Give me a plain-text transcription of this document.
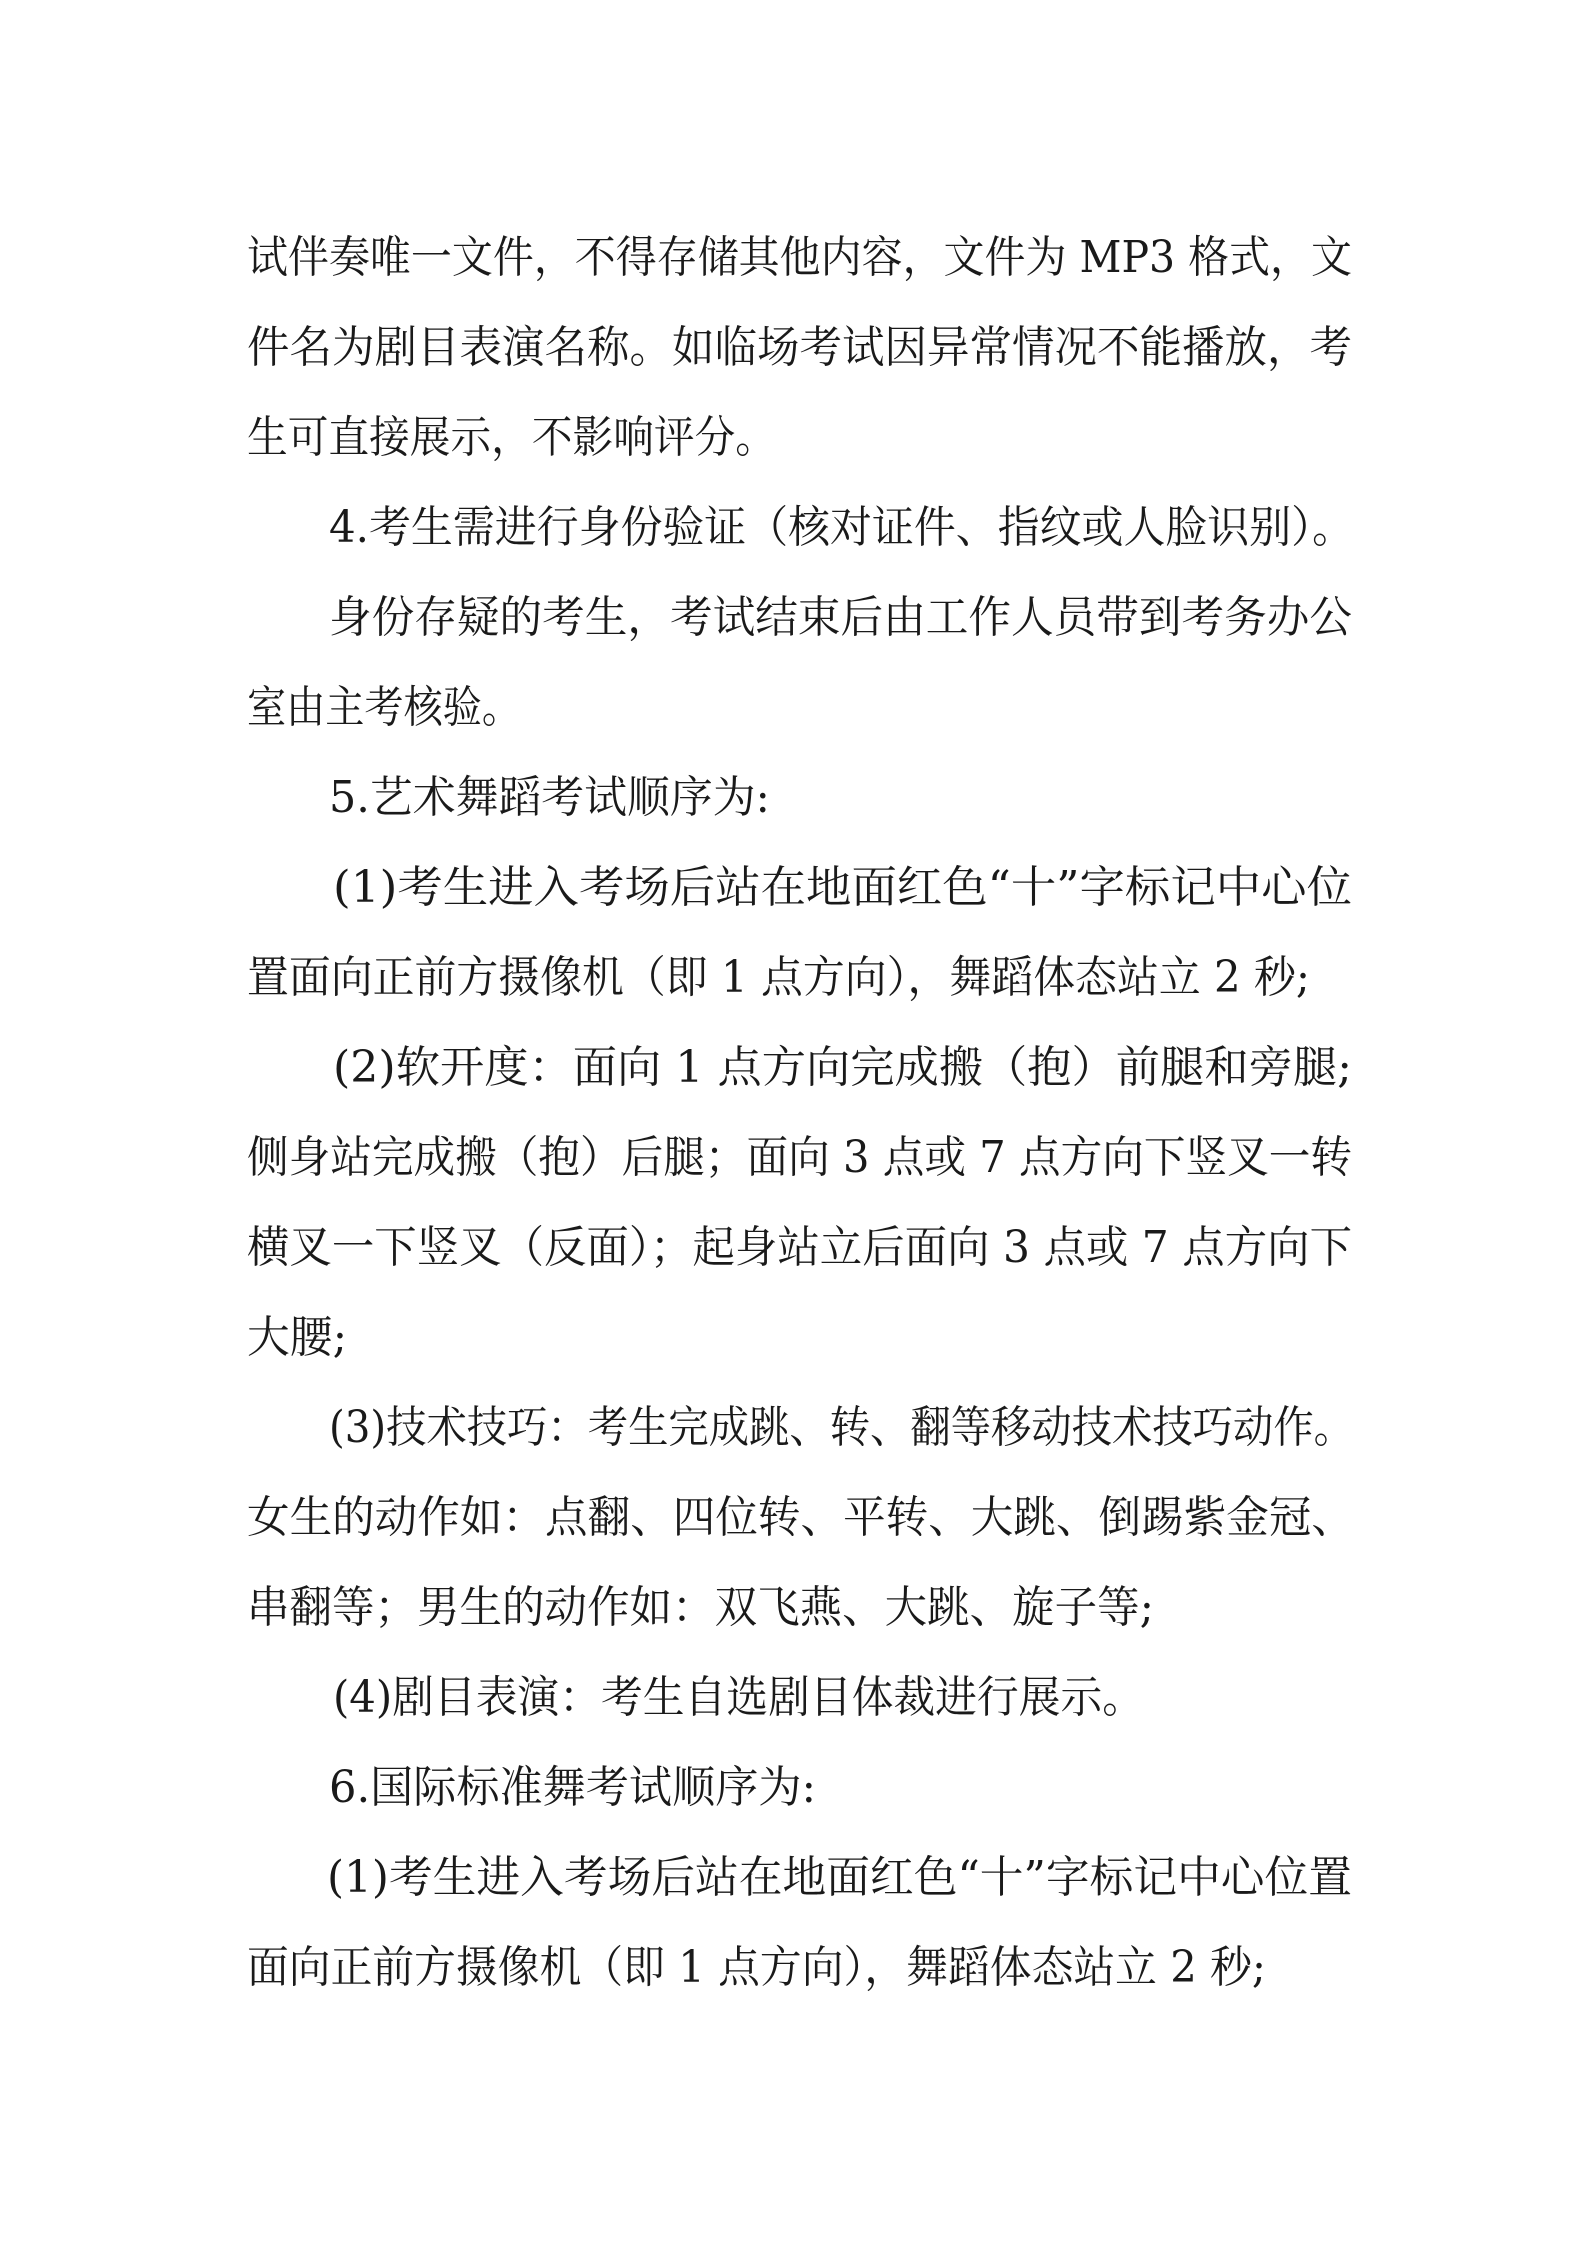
试伴奏唯一文件，不得存储其他内容，文件为 MP3 格式，文
件名为剧目表演名称。如临场考试因异常情况不能播放，考
生可直接展示，不影响评分。
4.考生需进行身份验证（核对证件、指纹或人脸识别）。
身份存疑的考生，考试结束后由工作人员带到考务办公
室由主考核验。
5.艺术舞蹈考试顺序为:
(1)考生进入考场后站在地面红色“十”字标记中心位
置面向正前方摄像机（即 1 点方向），舞蹈体态站立 2 秒;
(2)软开度：面向 1 点方向完成搬（抱）前腿和旁腿;
侧身站完成搬（抱）后腿；面向 3 点或 7 点方向下竖叉一转
横叉一下竖叉（反面）；起身站立后面向 3 点或 7 点方向下
大腰;
(3)技术技巧：考生完成跳、转、翻等移动技术技巧动作。
女生的动作如：点翻、四位转、平转、大跳、倒踢紫金冠、
串翻等；男生的动作如：双飞燕、大跳、旋子等;
(4)剧目表演：考生自选剧目体裁进行展示。
6.国际标准舞考试顺序为:
(1)考生进入考场后站在地面红色“十”字标记中心位置
面向正前方摄像机（即 1 点方向），舞蹈体态站立 2 秒;
